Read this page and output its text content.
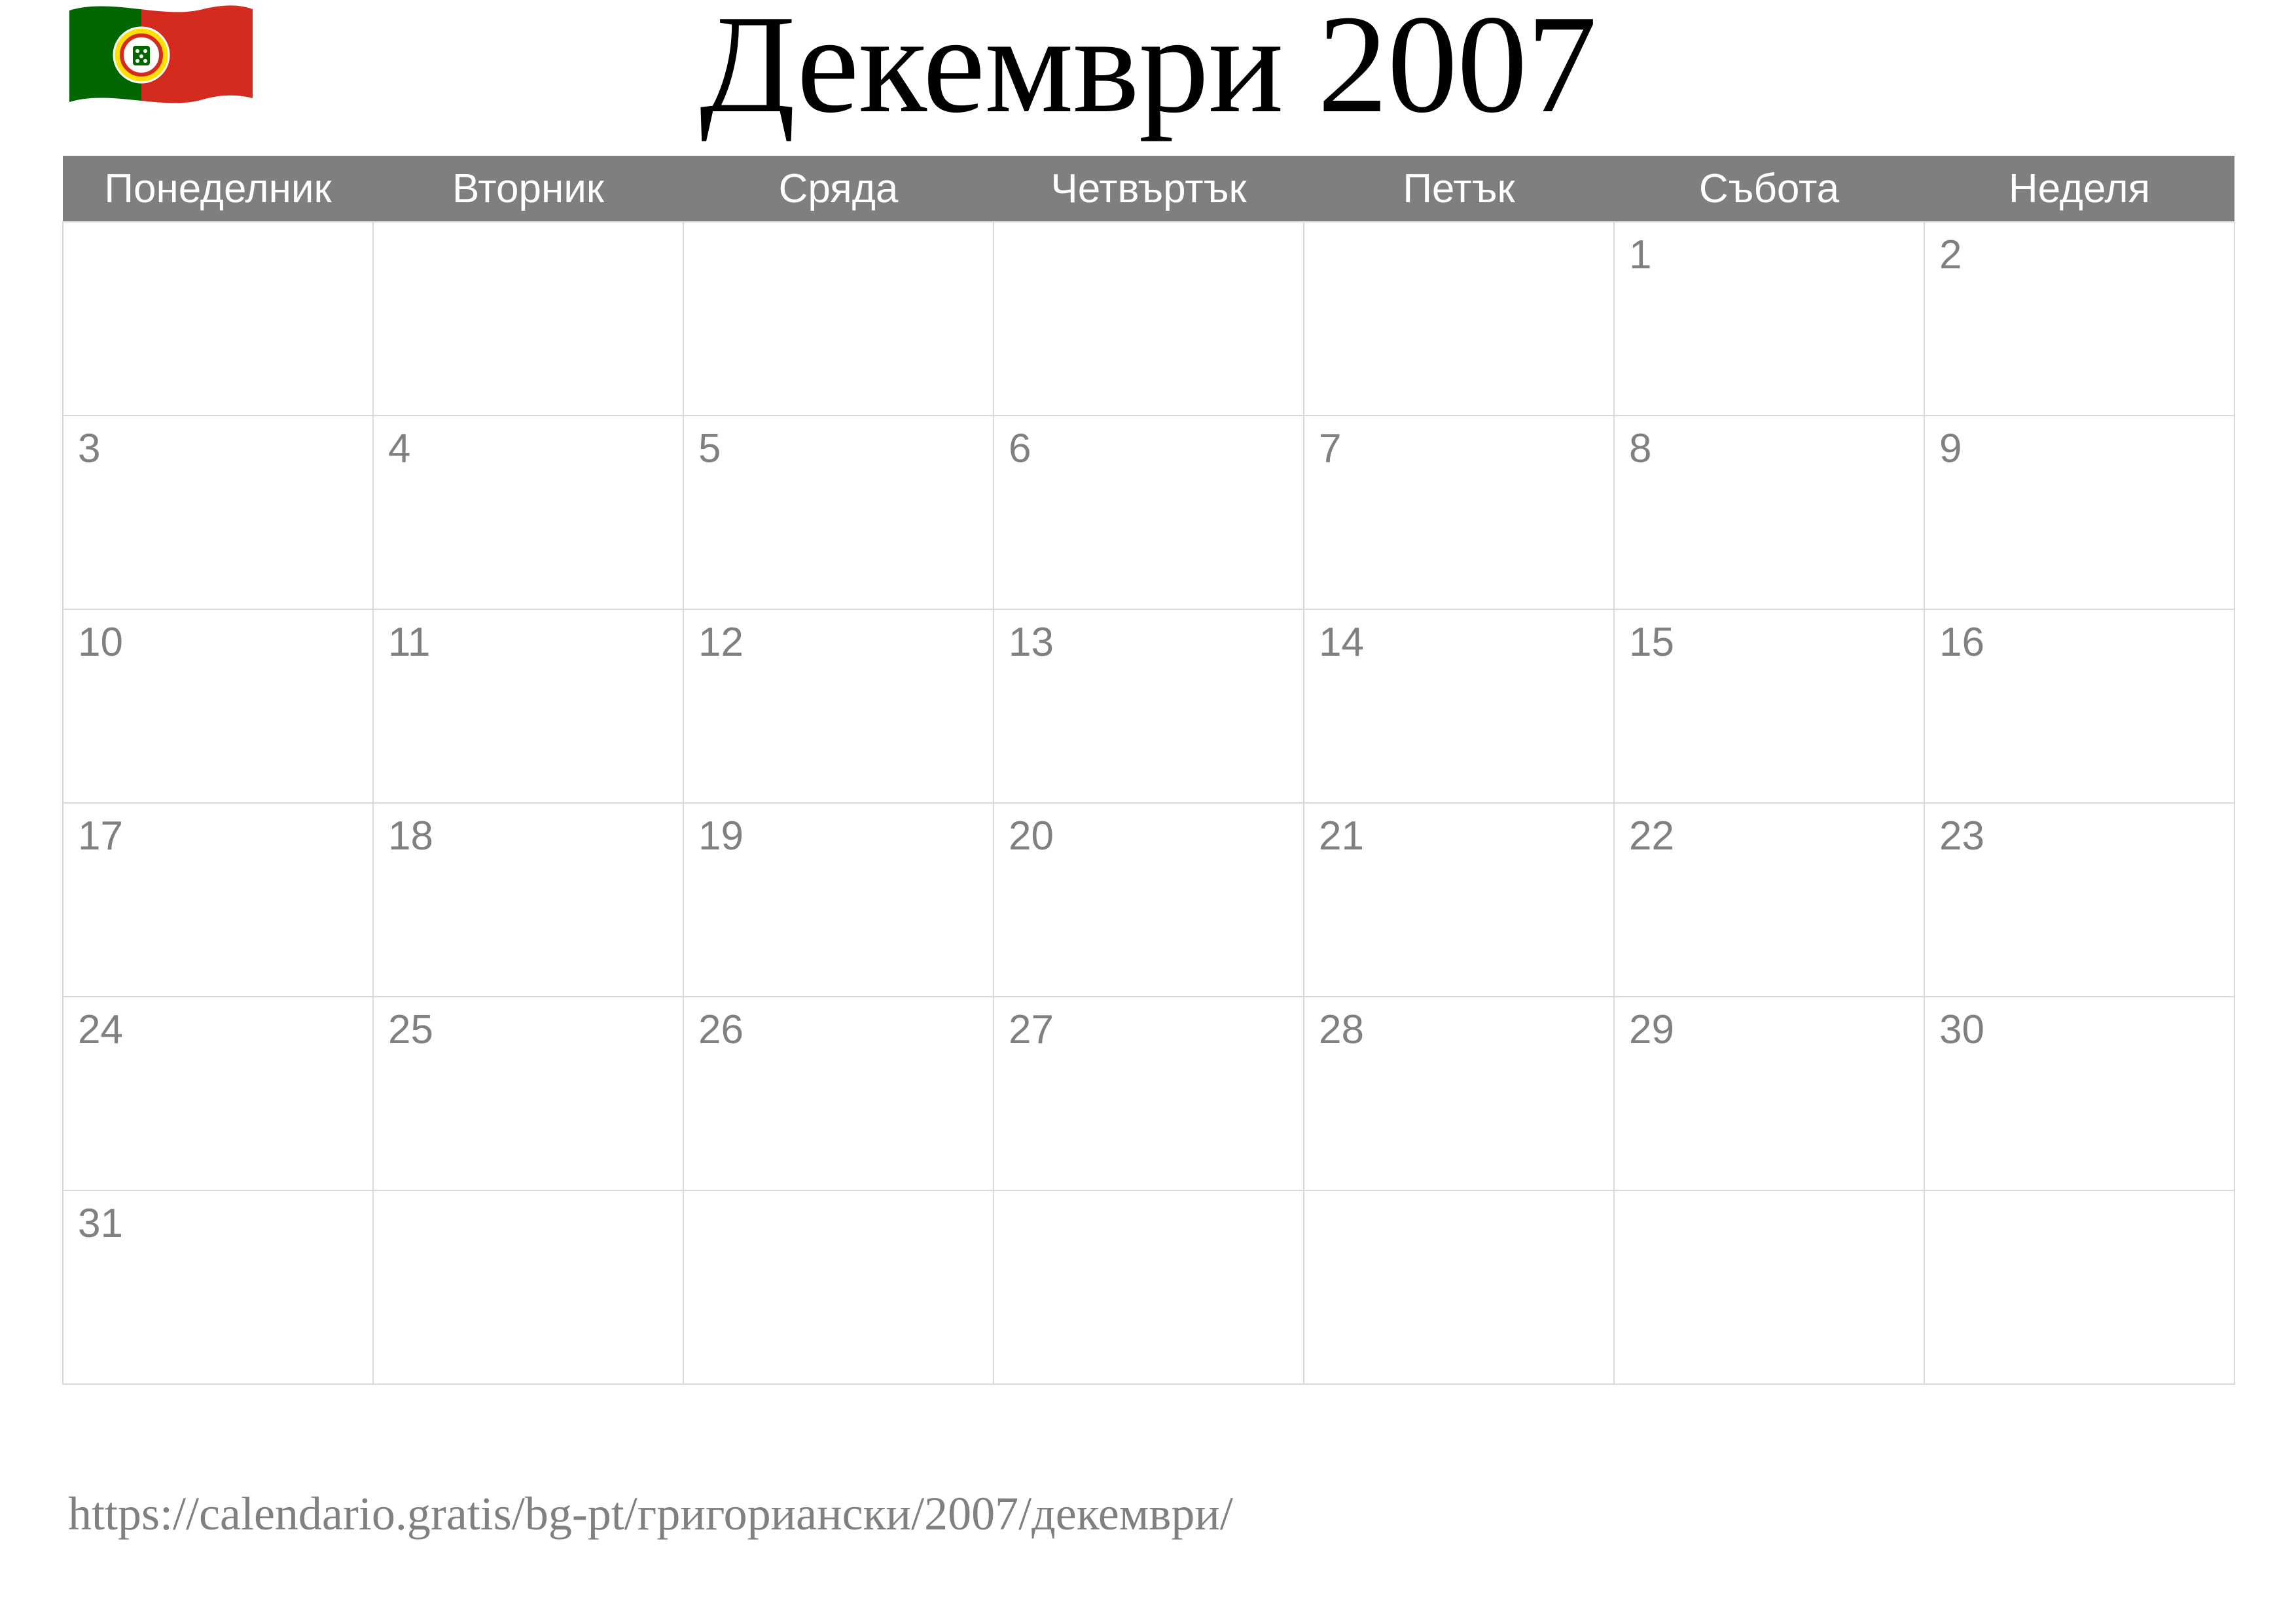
Декември 2007
Понеделник	Вторник	Сряда	Четвъртък	Петък	Събота	Неделя
					1	2
3	4	5	6	7	8	9
10	11	12	13	14	15	16
17	18	19	20	21	22	23
24	25	26	27	28	29	30
31						
https://calendario.gratis/bg-pt/григориански/2007/декември/
